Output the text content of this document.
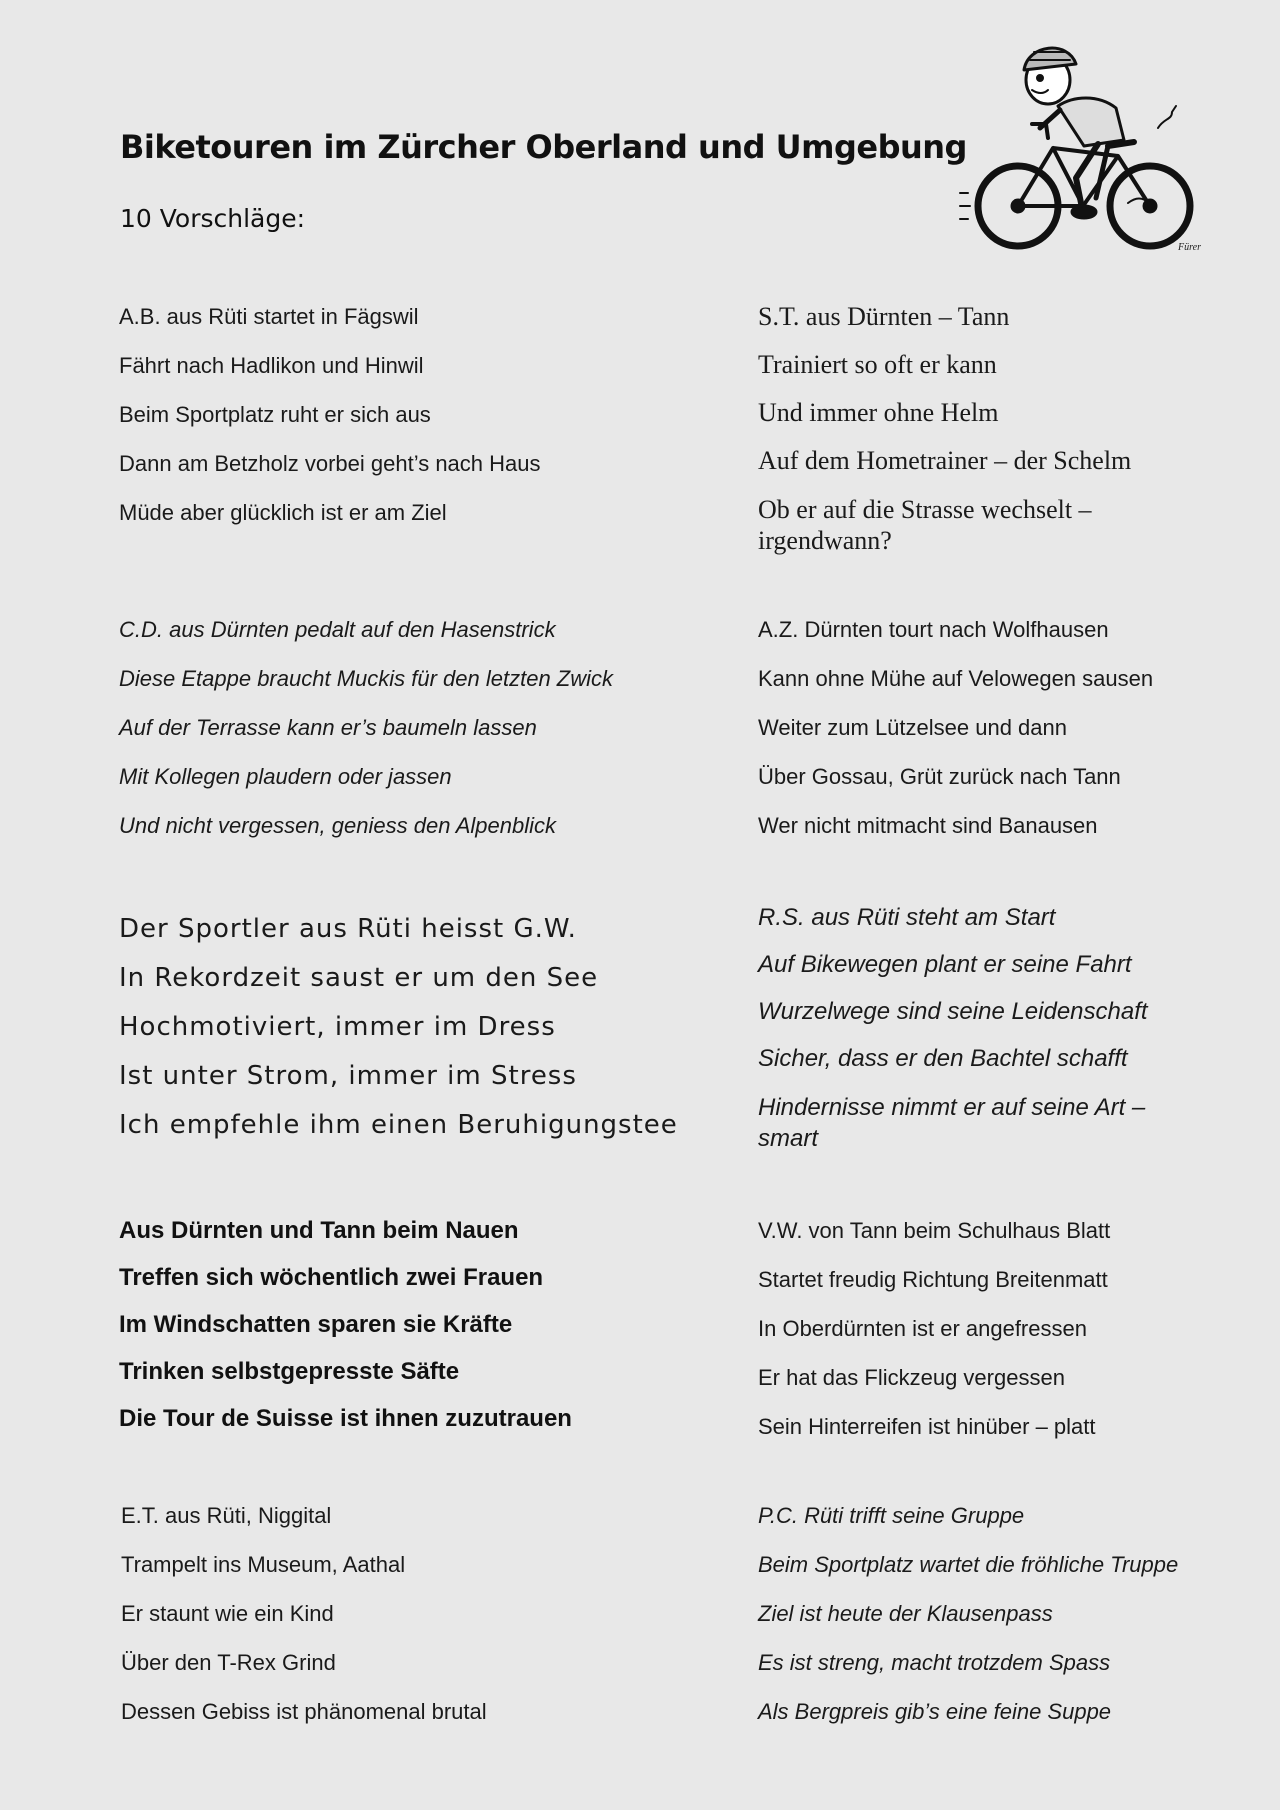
Biketouren im Zürcher Oberland und Umgebung
10 Vorschläge:
Fürer
A.B. aus Rüti startet in Fägswil
Fährt nach Hadlikon und Hinwil
Beim Sportplatz ruht er sich aus
Dann am Betzholz vorbei geht’s nach Haus
Müde aber glücklich ist er am Ziel
S.T. aus Dürnten – Tann
Trainiert so oft er kann
Und immer ohne Helm
Auf dem Hometrainer – der Schelm
Ob er auf die Strasse wechselt – irgendwann?
C.D. aus Dürnten pedalt auf den Hasenstrick
Diese Etappe braucht Muckis für den letzten Zwick
Auf der Terrasse kann er’s baumeln lassen
Mit Kollegen plaudern oder jassen
Und nicht vergessen, geniess den Alpenblick
A.Z. Dürnten tourt nach Wolfhausen
Kann ohne Mühe auf Velowegen sausen
Weiter zum Lützelsee und dann
Über Gossau, Grüt zurück nach Tann
Wer nicht mitmacht sind Banausen
Der Sportler aus Rüti heisst G.W.
In Rekordzeit saust er um den See
Hochmotiviert, immer im Dress
Ist unter Strom, immer im Stress
Ich empfehle ihm einen Beruhigungstee
R.S. aus Rüti steht am Start
Auf Bikewegen plant er seine Fahrt
Wurzelwege sind seine Leidenschaft
Sicher, dass er den Bachtel schafft
Hindernisse nimmt er auf seine Art – smart
Aus Dürnten und Tann beim Nauen
Treffen sich wöchentlich zwei Frauen
Im Windschatten sparen sie Kräfte
Trinken selbstgepresste Säfte
Die Tour de Suisse ist ihnen zuzutrauen
V.W. von Tann beim Schulhaus Blatt
Startet freudig Richtung Breitenmatt
In Oberdürnten ist er angefressen
Er hat das Flickzeug vergessen
Sein Hinterreifen ist hinüber – platt
E.T. aus Rüti, Niggital
Trampelt ins Museum, Aathal
Er staunt wie ein Kind
Über den T-Rex Grind
Dessen Gebiss ist phänomenal brutal
P.C. Rüti trifft seine Gruppe
Beim Sportplatz wartet die fröhliche Truppe
Ziel ist heute der Klausenpass
Es ist streng, macht trotzdem Spass
Als Bergpreis gib’s eine feine Suppe
